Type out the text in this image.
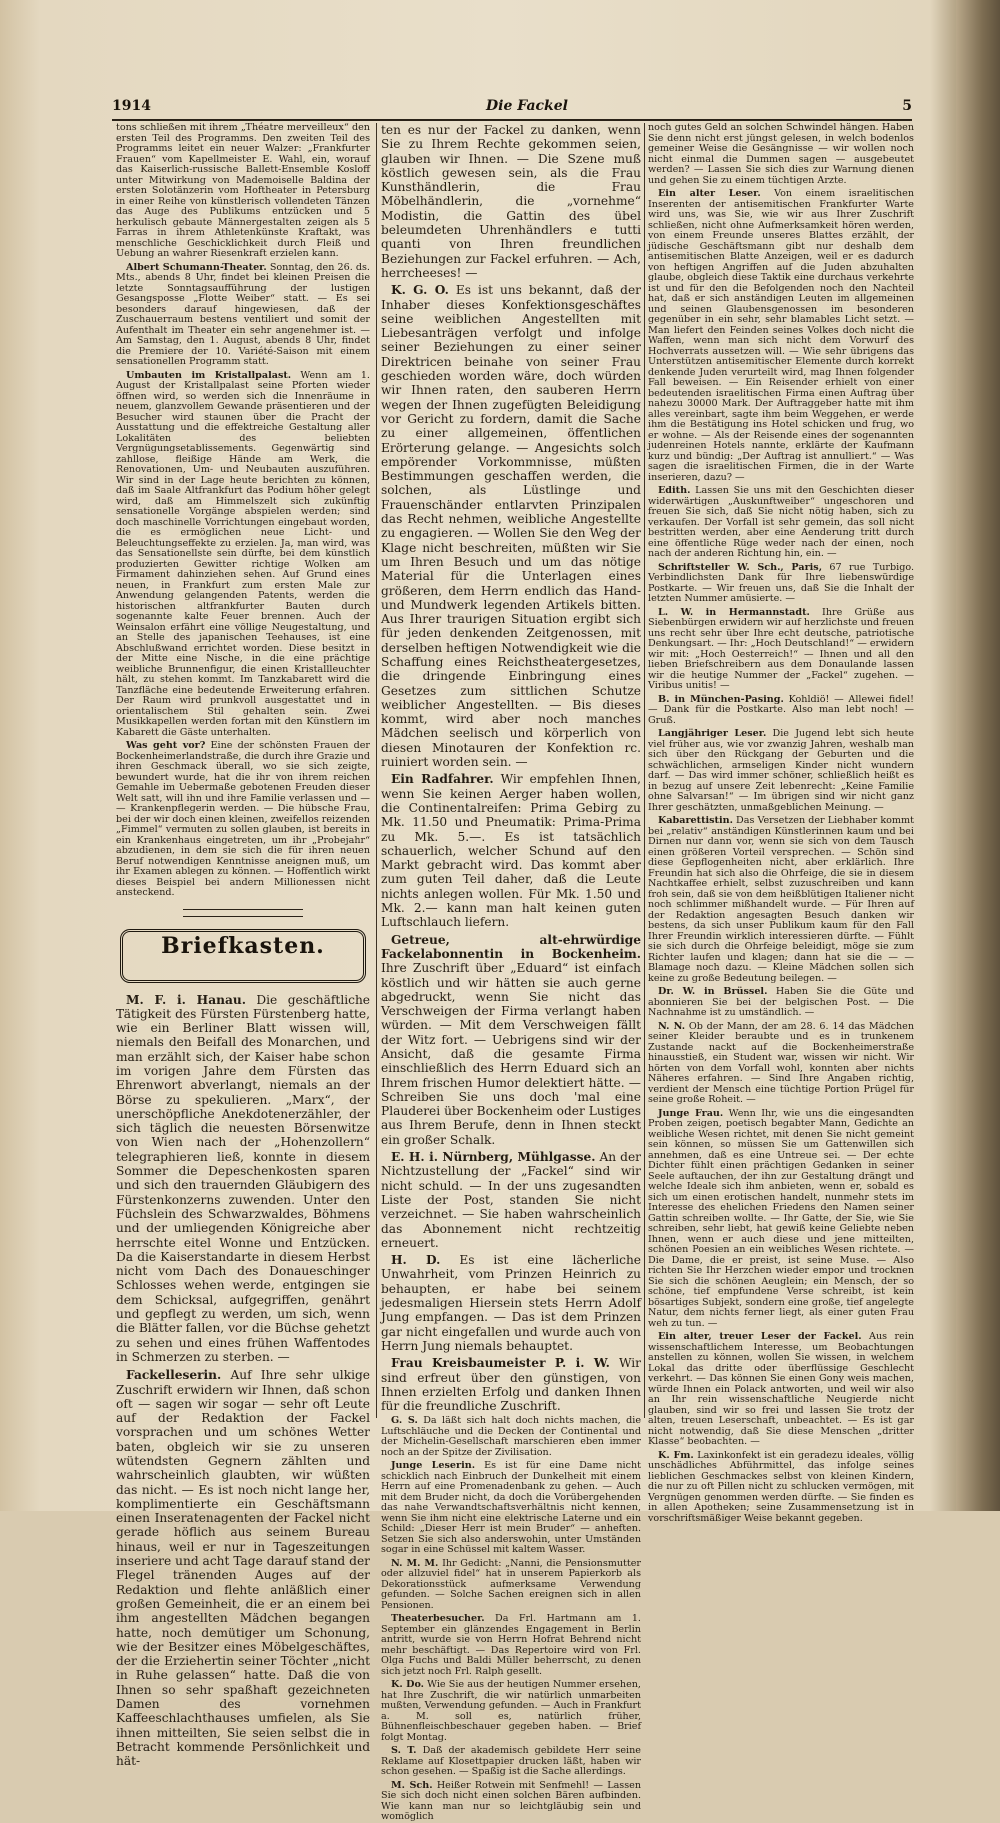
1914	Die Fackel	5

tons schließen mit ihrem „Théatre merveilleux“ den ersten Teil des Programms. Den zweiten Teil des Programms leitet ein neuer Walzer: „Frankfurter Frauen“ vom Kapellmeister E. Wahl, ein, worauf das Kaiserlich-russische Ballett-Ensemble Kosloff unter Mitwirkung von Mademoiselle Baldina der ersten Solotänzerin vom Hoftheater in Petersburg in einer Reihe von künstlerisch vollendeten Tänzen das Auge des Publikums entzücken und 5 herkulisch gebaute Männergestalten zeigen als 5 Farras in ihrem Athletenkünste Kraftakt, was menschliche Geschicklichkeit durch Fleiß und Uebung an wahrer Riesenkraft erzielen kann.

Albert Schumann-Theater. Sonntag, den 26. ds. Mts., abends 8 Uhr, findet bei kleinen Preisen die letzte Sonntagsaufführung der lustigen Gesangsposse „Flotte Weiber“ statt. — Es sei besonders darauf hingewiesen, daß der Zuschauerraum bestens ventiliert und somit der Aufenthalt im Theater ein sehr angenehmer ist. — Am Samstag, den 1. August, abends 8 Uhr, findet die Premiere der 10. Variété-Saison mit einem sensationellen Programm statt.

Umbauten im Kristallpalast. Wenn am 1. August der Kristallpalast seine Pforten wieder öffnen wird, so werden sich die Innenräume in neuem, glanzvollem Gewande präsentieren und der Besucher wird staunen über die Pracht der Ausstattung und die effektreiche Gestaltung aller Lokalitäten des beliebten Vergnügungsetablissements. Gegenwärtig sind zahllose, fleißige Hände am Werk, die Renovationen, Um- und Neubauten auszuführen. Wir sind in der Lage heute berichten zu können, daß im Saale Altfrankfurt das Podium höher gelegt wird, daß am Himmelszelt sich zukünftig sensationelle Vorgänge abspielen werden; sind doch maschinelle Vorrichtungen eingebaut worden, die es ermöglichen neue Licht- und Beleuchtungseffekte zu erzielen. Ja, man wird, was das Sensationellste sein dürfte, bei dem künstlich produzierten Gewitter richtige Wolken am Firmament dahinziehen sehen. Auf Grund eines neuen, in Frankfurt zum ersten Male zur Anwendung gelangenden Patents, werden die historischen altfrankfurter Bauten durch sogenannte kalte Feuer brennen. Auch der Weinsalon erfährt eine völlige Neugestaltung, und an Stelle des japanischen Teehauses, ist eine Abschlußwand errichtet worden. Diese besitzt in der Mitte eine Nische, in die eine prächtige weibliche Brunnenfigur, die einen Kristallleuchter hält, zu stehen kommt. Im Tanzkabarett wird die Tanzfläche eine bedeutende Erweiterung erfahren. Der Raum wird prunkvoll ausgestattet und in orientalischem Stil gehalten sein. Zwei Musikkapellen werden fortan mit den Künstlern im Kabarett die Gäste unterhalten.

Was geht vor? Eine der schönsten Frauen der Bockenheimerlandstraße, die durch ihre Grazie und ihren Geschmack überall, wo sie sich zeigte, bewundert wurde, hat die ihr von ihrem reichen Gemahle im Uebermaße gebotenen Freuden dieser Welt satt, will ihn und ihre Familie verlassen und — — Krankenpflegerin werden. — Die hübsche Frau, bei der wir doch einen kleinen, zweifellos reizenden „Fimmel“ vermuten zu sollen glauben, ist bereits in ein Krankenhaus eingetreten, um ihr „Probejahr“ abzudienen, in dem sie sich die für ihren neuen Beruf notwendigen Kenntnisse aneignen muß, um ihr Examen ablegen zu können. — Hoffentlich wirkt dieses Beispiel bei andern Millionessen nicht ansteckend.

Briefkasten.

M. F. i. Hanau. Die geschäftliche Tätigkeit des Fürsten Fürstenberg hatte, wie ein Berliner Blatt wissen will, niemals den Beifall des Monarchen, und man erzählt sich, der Kaiser habe schon im vorigen Jahre dem Fürsten das Ehrenwort abverlangt, niemals an der Börse zu spekulieren. „Marx“, der unerschöpfliche Anekdotenerzähler, der sich täglich die neuesten Börsenwitze von Wien nach der „Hohenzollern“ telegraphieren ließ, konnte in diesem Sommer die Depeschenkosten sparen und sich den trauernden Gläubigern des Fürstenkonzerns zuwenden. Unter den Füchslein des Schwarzwaldes, Böhmens und der umliegenden Königreiche aber herrschte eitel Wonne und Entzücken. Da die Kaiserstandarte in diesem Herbst nicht vom Dach des Donaueschinger Schlosses wehen werde, entgingen sie dem Schicksal, aufgegriffen, genährt und gepflegt zu werden, um sich, wenn die Blätter fallen, vor die Büchse gehetzt zu sehen und eines frühen Waffentodes in Schmerzen zu sterben. —

Fackelleserin. Auf Ihre sehr ulkige Zuschrift erwidern wir Ihnen, daß schon oft — sagen wir sogar — sehr oft Leute auf der Redaktion der Fackel vorsprachen und um schönes Wetter baten, obgleich wir sie zu unseren wütendsten Gegnern zählten und wahrscheinlich glaubten, wir wüßten das nicht. — Es ist noch nicht lange her, komplimentierte ein Geschäftsmann einen Inseratenagenten der Fackel nicht gerade höflich aus seinem Bureau hinaus, weil er nur in Tageszeitungen inseriere und acht Tage darauf stand der Flegel tränenden Auges auf der Redaktion und flehte anläßlich einer großen Gemeinheit, die er an einem bei ihm angestellten Mädchen begangen hatte, noch demütiger um Schonung, wie der Besitzer eines Möbelgeschäftes, der die Erziehertin seiner Töchter „nicht in Ruhe gelassen“ hatte. Daß die von Ihnen so sehr spaßhaft gezeichneten Damen des vornehmen Kaffeeschlachthauses umfielen, als Sie ihnen mitteilten, Sie seien selbst die in Betracht kommende Persönlichkeit und hät-

ten es nur der Fackel zu danken, wenn Sie zu Ihrem Rechte gekommen seien, glauben wir Ihnen. — Die Szene muß köstlich gewesen sein, als die Frau Kunsthändlerin, die Frau Möbelhändlerin, die „vornehme“ Modistin, die Gattin des übel beleumdeten Uhrenhändlers e tutti quanti von Ihren freundlichen Beziehungen zur Fackel erfuhren. — Ach, herrcheeses! —

K. G. O. Es ist uns bekannt, daß der Inhaber dieses Konfektionsgeschäftes seine weiblichen Angestellten mit Liebesanträgen verfolgt und infolge seiner Beziehungen zu einer seiner Direktricen beinahe von seiner Frau geschieden worden wäre, doch würden wir Ihnen raten, den sauberen Herrn wegen der Ihnen zugefügten Beleidigung vor Gericht zu fordern, damit die Sache zu einer allgemeinen, öffentlichen Erörterung gelange. — Angesichts solch empörender Vorkommnisse, müßten Bestimmungen geschaffen werden, die solchen, als Lüstlinge und Frauenschänder entlarvten Prinzipalen das Recht nehmen, weibliche Angestellte zu engagieren. — Wollen Sie den Weg der Klage nicht beschreiten, müßten wir Sie um Ihren Besuch und um das nötige Material für die Unterlagen eines größeren, dem Herrn endlich das Hand- und Mundwerk legenden Artikels bitten. Aus Ihrer traurigen Situation ergibt sich für jeden denkenden Zeitgenossen, mit derselben heftigen Notwendigkeit wie die Schaffung eines Reichstheatergesetzes, die dringende Einbringung eines Gesetzes zum sittlichen Schutze weiblicher Angestellten. — Bis dieses kommt, wird aber noch manches Mädchen seelisch und körperlich von diesen Minotauren der Konfektion rc. ruiniert worden sein. —

Ein Radfahrer. Wir empfehlen Ihnen, wenn Sie keinen Aerger haben wollen, die Continentalreifen: Prima Gebirg zu Mk. 11.50 und Pneumatik: Prima-Prima zu Mk. 5.—. Es ist tatsächlich schauerlich, welcher Schund auf den Markt gebracht wird. Das kommt aber zum guten Teil daher, daß die Leute nichts anlegen wollen. Für Mk. 1.50 und Mk. 2.— kann man halt keinen guten Luftschlauch liefern.

Getreue, alt-ehrwürdige Fackelabonnentin in Bockenheim. Ihre Zuschrift über „Eduard“ ist einfach köstlich und wir hätten sie auch gerne abgedruckt, wenn Sie nicht das Verschweigen der Firma verlangt haben würden. — Mit dem Verschweigen fällt der Witz fort. — Uebrigens sind wir der Ansicht, daß die gesamte Firma einschließlich des Herrn Eduard sich an Ihrem frischen Humor delektiert hätte. — Schreiben Sie uns doch 'mal eine Plauderei über Bockenheim oder Lustiges aus Ihrem Berufe, denn in Ihnen steckt ein großer Schalk.

E. H. i. Nürnberg, Mühlgasse. An der Nichtzustellung der „Fackel“ sind wir nicht schuld. — In der uns zugesandten Liste der Post, standen Sie nicht verzeichnet. — Sie haben wahrscheinlich das Abonnement nicht rechtzeitig erneuert.

H. D. Es ist eine lächerliche Unwahrheit, vom Prinzen Heinrich zu behaupten, er habe bei seinem jedesmaligen Hiersein stets Herrn Adolf Jung empfangen. — Das ist dem Prinzen gar nicht eingefallen und wurde auch von Herrn Jung niemals behauptet.

Frau Kreisbaumeister P. i. W. Wir sind erfreut über den günstigen, von Ihnen erzielten Erfolg und danken Ihnen für die freundliche Zuschrift.

G. S. Da läßt sich halt doch nichts machen, die Luftschläuche und die Decken der Continental und der Michelin-Gesellschaft marschieren eben immer noch an der Spitze der Zivilisation.

Junge Leserin. Es ist für eine Dame nicht schicklich nach Einbruch der Dunkelheit mit einem Herrn auf eine Promenadenbank zu gehen. — Auch mit dem Bruder nicht, da doch die Vorübergehenden das nahe Verwandtschaftsverhältnis nicht kennen, wenn Sie ihm nicht eine elektrische Laterne und ein Schild: „Dieser Herr ist mein Bruder“ — anheften. Setzen Sie sich also anderswohin, unter Umständen sogar in eine Schüssel mit kaltem Wasser.

N. M. M. Ihr Gedicht: „Nanni, die Pensionsmutter oder allzuviel fidel“ hat in unserem Papierkorb als Dekorationsstück aufmerksame Verwendung gefunden. — Solche Sachen ereignen sich in allen Pensionen.

Theaterbesucher. Da Frl. Hartmann am 1. September ein glänzendes Engagement in Berlin antritt, wurde sie von Herrn Hofrat Behrend nicht mehr beschäftigt. — Das Repertoire wird von Frl. Olga Fuchs und Baldi Müller beherrscht, zu denen sich jetzt noch Frl. Ralph gesellt.

K. Do. Wie Sie aus der heutigen Nummer ersehen, hat Ihre Zuschrift, die wir natürlich unmarbeiten mußten, Verwendung gefunden. — Auch in Frankfurt a. M. soll es, natürlich früher, Bühnenfleischbeschauer gegeben haben. — Brief folgt Montag.

S. T. Daß der akademisch gebildete Herr seine Reklame auf Klosettpapier drucken läßt, haben wir schon gesehen. — Spaßig ist die Sache allerdings.

M. Sch. Heißer Rotwein mit Senfmehl! — Lassen Sie sich doch nicht einen solchen Bären aufbinden. Wie kann man nur so leichtgläubig sein und womöglich

noch gutes Geld an solchen Schwindel hängen. Haben Sie denn nicht erst jüngst gelesen, in welch bodenlos gemeiner Weise die Gesängnisse — wir wollen noch nicht einmal die Dummen sagen — ausgebeutet werden? — Lassen Sie sich dies zur Warnung dienen und gehen Sie zu einem tüchtigen Arzte.

Ein alter Leser. Von einem israelitischen Inserenten der antisemitischen Frankfurter Warte wird uns, was Sie, wie wir aus Ihrer Zuschrift schließen, nicht ohne Aufmerksamkeit hören werden, von einem Freunde unseres Blattes erzählt, der jüdische Geschäftsmann gibt nur deshalb dem antisemitischen Blatte Anzeigen, weil er es dadurch von heftigen Angriffen auf die Juden abzuhalten glaube, obgleich diese Taktik eine durchaus verkehrte ist und für den die Befolgenden noch den Nachteil hat, daß er sich anständigen Leuten im allgemeinen und seinen Glaubensgenossen im besonderen gegenüber in ein sehr, sehr blamables Licht setzt. — Man liefert den Feinden seines Volkes doch nicht die Waffen, wenn man sich nicht dem Vorwurf des Hochverrats aussetzen will. — Wie sehr übrigens das Unterstützen antisemitischer Elemente durch korrekt denkende Juden verurteilt wird, mag Ihnen folgender Fall beweisen. — Ein Reisender erhielt von einer bedeutenden israelitischen Firma einen Auftrag über nahezu 30000 Mark. Der Auftraggeber hatte mit ihm alles vereinbart, sagte ihm beim Weggehen, er werde ihm die Bestätigung ins Hotel schicken und frug, wo er wohne. — Als der Reisende eines der sogenannten judenreinen Hotels nannte, erklärte der Kaufmann kurz und bündig: „Der Auftrag ist annulliert.“ — Was sagen die israelitischen Firmen, die in der Warte inserieren, dazu? —

Edith. Lassen Sie uns mit den Geschichten dieser widerwärtigen „Auskunftweiber“ ungeschoren und freuen Sie sich, daß Sie nicht nötig haben, sich zu verkaufen. Der Vorfall ist sehr gemein, das soll nicht bestritten werden, aber eine Aenderung tritt durch eine öffentliche Rüge weder nach der einen, noch nach der anderen Richtung hin, ein. —

Schriftsteller W. Sch., Paris, 67 rue Turbigo. Verbindlichsten Dank für Ihre liebenswürdige Postkarte. — Wir freuen uns, daß Sie die Inhalt der letzten Nummer amüsierte. —

L. W. in Hermannstadt. Ihre Grüße aus Siebenbürgen erwidern wir auf herzlichste und freuen uns recht sehr über Ihre echt deutsche, patriotische Denkungsart. — Ihr: „Hoch Deutschland!“ — erwidern wir mit: „Hoch Oesterreich!“ — Ihnen und all den lieben Briefschreibern aus dem Donaulande lassen wir die heutige Nummer der „Fackel“ zugehen. — Viribus unitis! —

B. in München-Pasing. Kohldiö! — Allewei fidel! — Dank für die Postkarte. Also man lebt noch! — Gruß.

Langjähriger Leser. Die Jugend lebt sich heute viel früher aus, wie vor zwanzig Jahren, weshalb man sich über den Rückgang der Geburten und die schwächlichen, armseligen Kinder nicht wundern darf. — Das wird immer schöner, schließlich heißt es in bezug auf unsere Zeit lebenrecht: „Keine Familie ohne Salvarsan!“ — Im übrigen sind wir nicht ganz Ihrer geschätzten, unmaßgeblichen Meinung. —

Kabarettistin. Das Versetzen der Liebhaber kommt bei „relativ“ anständigen Künstlerinnen kaum und bei Dirnen nur dann vor, wenn sie sich von dem Tausch einen größeren Vorteil versprechen. — Schön sind diese Gepflogenheiten nicht, aber erklärlich. Ihre Freundin hat sich also die Ohrfeige, die sie in diesem Nachtkaffee erhielt, selbst zuzuschreiben und kann froh sein, daß sie von dem heißblütigen Italiener nicht noch schlimmer mißhandelt wurde. — Für Ihren auf der Redaktion angesagten Besuch danken wir bestens, da sich unser Publikum kaum für den Fall Ihrer Freundin wirklich interessieren dürfte. — Fühlt sie sich durch die Ohrfeige beleidigt, möge sie zum Richter laufen und klagen; dann hat sie die — — Blamage noch dazu. — Kleine Mädchen sollen sich keine zu große Bedeutung beilegen. —

Dr. W. in Brüssel. Haben Sie die Güte und abonnieren Sie bei der belgischen Post. — Die Nachnahme ist zu umständlich. —

N. N. Ob der Mann, der am 28. 6. 14 das Mädchen seiner Kleider beraubte und es in trunkenem Zustande nackt auf die Bockenheimerstraße hinausstieß, ein Student war, wissen wir nicht. Wir hörten von dem Vorfall wohl, konnten aber nichts Näheres erfahren. — Sind Ihre Angaben richtig, verdient der Mensch eine tüchtige Portion Prügel für seine große Roheit. —

Junge Frau. Wenn Ihr, wie uns die eingesandten Proben zeigen, poetisch begabter Mann, Gedichte an weibliche Wesen richtet, mit denen Sie nicht gemeint sein können, so müssen Sie um Gattenwillen sich annehmen, daß es eine Untreue sei. — Der echte Dichter fühlt einen prächtigen Gedanken in seiner Seele auftauchen, der ihn zur Gestaltung drängt und welche Ideale sich ihm anbieten, wenn er, sobald es sich um einen erotischen handelt, nunmehr stets im Interesse des ehelichen Friedens den Namen seiner Gattin schreiben wollte. — Ihr Gatte, der Sie, wie Sie schreiben, sehr liebt, hat gewiß keine Geliebte neben Ihnen, wenn er auch diese und jene mitteilten, schönen Poesien an ein weibliches Wesen richtete. — Die Dame, die er preist, ist seine Muse. — Also richten Sie Ihr Herzchen wieder empor und trocknen Sie sich die schönen Aeuglein; ein Mensch, der so schöne, tief empfundene Verse schreibt, ist kein bösartiges Subjekt, sondern eine große, tief angelegte Natur, dem nichts ferner liegt, als einer guten Frau weh zu tun. —

Ein alter, treuer Leser der Fackel. Aus rein wissenschaftlichem Interesse, um Beobachtungen anstellen zu können, wollen Sie wissen, in welchem Lokal das dritte oder überflüssige Geschlecht verkehrt. — Das können Sie einen Gony weis machen, würde Ihnen ein Polack antworten, und weil wir also an Ihr rein wissenschaftliche Neugierde nicht glauben, sind wir so frei und lassen Sie trotz der alten, treuen Leserschaft, unbeachtet. — Es ist gar nicht notwendig, daß Sie diese Menschen „dritter Klasse“ beobachten. —

K. Fm. Laxinkonfekt ist ein geradezu ideales, völlig unschädliches Abführmittel, das infolge seines lieblichen Geschmackes selbst von kleinen Kindern, die nur zu oft Pillen nicht zu schlucken vermögen, mit Vergnügen genommen werden dürfte. — Sie finden es in allen Apotheken; seine Zusammensetzung ist in vorschriftsmäßiger Weise bekannt gegeben.
